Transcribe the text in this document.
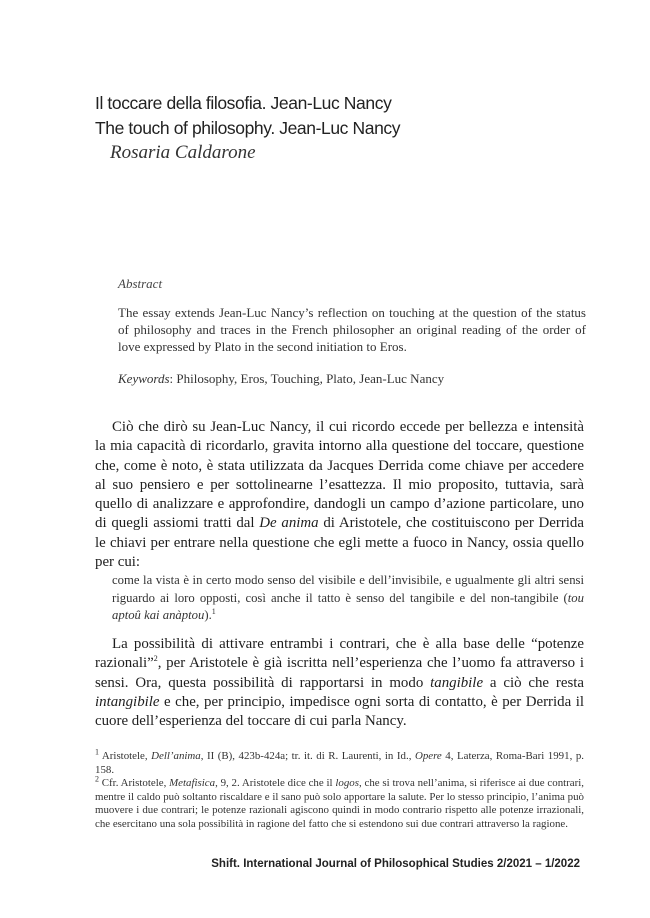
Il toccare della filosofia. Jean-Luc Nancy
The touch of philosophy. Jean-Luc Nancy
Rosaria Caldarone
Abstract

The essay extends Jean-Luc Nancy’s reflection on touching at the question of the status of philosophy and traces in the French philosopher an original reading of the order of love expressed by Plato in the second initiation to Eros.

Keywords: Philosophy, Eros, Touching, Plato, Jean-Luc Nancy

Ciò che dirò su Jean-Luc Nancy, il cui ricordo eccede per bellezza e intensità la mia capacità di ricordarlo, gravita intorno alla questione del toccare, questione che, come è noto, è stata utilizzata da Jacques Derrida come chiave per accedere al suo pensiero e per sottolinearne l’esattezza. Il mio proposito, tuttavia, sarà quello di analizzare e approfondire, dandogli un campo d’azione particolare, uno di quegli assiomi tratti dal De anima di Aristotele, che costituiscono per Derrida le chiavi per entrare nella questione che egli mette a fuoco in Nancy, ossia quello per cui:

come la vista è in certo modo senso del visibile e dell’invisibile, e ugualmente gli altri sensi riguardo ai loro opposti, così anche il tatto è senso del tangibile e del non-tangibile (tou aptoû kai anàptou).$^1$

La possibilità di attivare entrambi i contrari, che è alla base delle “potenze razionali”$^2$, per Aristotele è già iscritta nell’esperienza che l’uomo fa attraverso i sensi. Ora, questa possibilità di rapportarsi in modo tangibile a ciò che resta intangibile e che, per principio, impedisce ogni sorta di contatto, è per Derrida il cuore dell’esperienza del toccare di cui parla Nancy.

$^1$ Aristotele, Dell’anima, II (B), 423b-424a; tr. it. di R. Laurenti, in Id., Opere 4, Laterza, Roma-Bari 1991, p. 158.

$^2$ Cfr. Aristotele, Metafisica, 9, 2. Aristotele dice che il logos, che si trova nell’anima, si riferisce ai due contrari, mentre il caldo può soltanto riscaldare e il sano può solo apportare la salute. Per lo stesso principio, l’anima può muovere i due contrari; le potenze razionali agiscono quindi in modo contrario rispetto alle potenze irrazionali, che esercitano una sola possibilità in ragione del fatto che si estendono sui due contrari attraverso la ragione.

Shift. International Journal of Philosophical Studies 2/2021 – 1/2022
